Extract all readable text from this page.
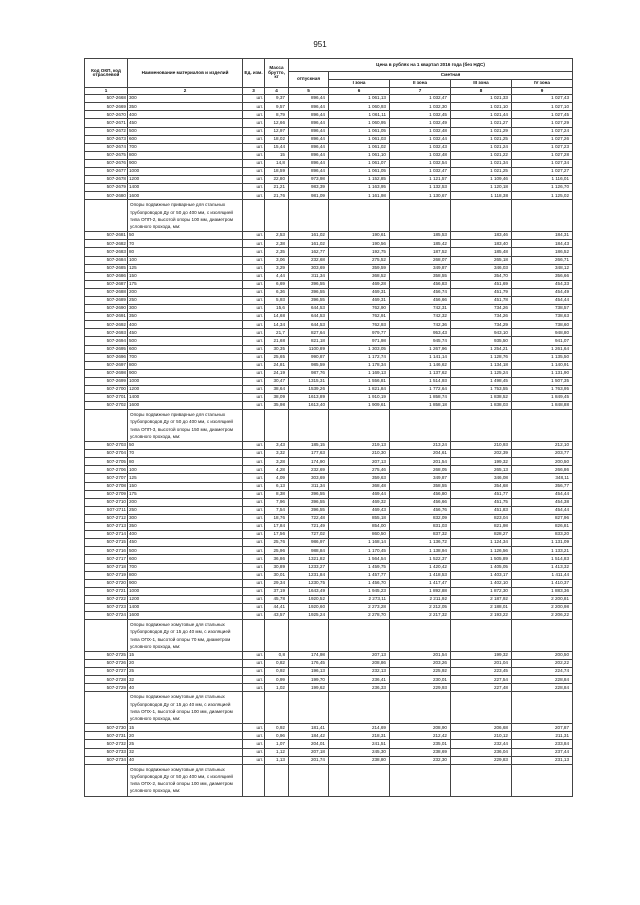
951
Код ОКП, код отраслевой	Наименование материалов и изделий	Ед. изм.	Масса брутто, кг	Цена в рублях на 1 квартал 2016 года (без НДС)				
				отпускная	Сметная			
					I зона	II зона	III зона	IV зона
1	2	3	4	5	6	7	8	9
507-2668	300	шт.	9,37	896,44	1 061,13	1 032,47	1 021,33	1 027,43
507-2669	350	шт.	9,57	896,44	1 060,93	1 032,30	1 021,10	1 027,10
507-2670	400	шт.	8,79	896,44	1 061,11	1 032,45	1 021,44	1 027,45
507-2671	450	шт.	12,66	896,44	1 060,95	1 032,49	1 021,27	1 027,29
507-2672	500	шт.	12,97	896,44	1 061,05	1 032,48	1 021,29	1 027,24
507-2673	600	шт.	18,02	896,44	1 061,03	1 032,44	1 021,25	1 027,26
507-2674	700	шт.	15,44	896,44	1 061,02	1 032,43	1 021,24	1 027,23
507-2675	800	шт.	15	896,44	1 061,10	1 032,48	1 021,22	1 027,28
507-2676	900	шт.	14,8	896,44	1 061,07	1 032,54	1 021,34	1 027,34
507-2677	1000	шт.	18,59	896,44	1 061,05	1 032,47	1 021,25	1 027,27
507-2678	1200	шт.	22,80	973,98	1 152,85	1 121,57	1 109,46	1 116,01
507-2679	1400	шт.	21,21	983,39	1 163,95	1 132,53	1 120,18	1 126,70
507-2680	1600	шт.	21,76	981,09	1 161,98	1 130,67	1 118,38	1 125,02
	Опоры подвижные приварные для стальных трубопроводов Ду от 50 до 400 мм, с изоляцией типа ОПП-2, высотой опоры 100 мм, диаметром условного прохода, мм:							
507-2681	50	шт.	2,53	161,02	190,61	185,53	183,46	184,31
507-2682	70	шт.	2,38	161,02	190,56	185,42	183,40	184,43
507-2683	80	шт.	2,35	162,77	192,75	187,52	185,48	186,52
507-2684	100	шт.	3,06	232,68	275,52	268,07	265,18	266,71
507-2685	125	шт.	3,29	303,69	359,59	349,87	346,03	348,12
507-2686	150	шт.	4,44	311,34	368,52	358,55	354,70	356,66
507-2687	175	шт.	6,69	396,55	469,28	456,83	451,69	454,33
507-2688	200	шт.	6,36	396,55	469,31	456,74	451,79	454,49
507-2689	250	шт.	5,93	396,55	469,31	456,66	451,78	454,44
507-2690	300	шт.	15,6	644,53	762,90	742,31	734,26	738,57
507-2691	350	шт.	14,68	644,53	762,91	742,32	734,26	738,63
507-2692	400	шт.	14,34	644,53	762,93	742,36	734,29	738,60
507-2693	450	шт.	21,7	827,64	979,77	953,43	943,10	948,80
507-2694	500	шт.	21,68	821,18	971,98	945,74	935,50	941,07
507-2695	600	шт.	30,35	1100,89	1 303,05	1 267,96	1 254,21	1 261,64
507-2696	700	шт.	25,65	990,87	1 172,74	1 141,14	1 128,76	1 135,50
507-2697	800	шт.	24,81	985,59	1 178,34	1 146,62	1 134,18	1 140,91
507-2698	900	шт.	24,19	987,76	1 169,13	1 137,62	1 125,24	1 131,90
507-2699	1000	шт.	30,47	1315,31	1 556,81	1 514,93	1 498,45	1 507,35
507-2700	1200	шт.	38,64	1539,26	1 821,84	1 772,64	1 753,55	1 763,95
507-2701	1400	шт.	38,09	1613,89	1 910,19	1 858,74	1 838,52	1 849,45
507-2702	1600	шт.	35,98	1613,40	1 909,61	1 858,18	1 838,03	1 848,88
	Опоры подвижные приварные для стальных трубопроводов Ду от 50 до 400 мм, с изоляцией типа ОПП-3, высотой опоры 150 мм, диаметром условного прохода, мм:							
507-2703	50	шт.	3,43	185,15	219,13	213,24	210,93	212,10
507-2704	70	шт.	3,32	177,63	210,30	204,61	202,39	203,77
507-2705	80	шт.	3,28	174,90	207,13	201,54	199,32	200,50
507-2706	100	шт.	4,28	232,69	275,46	268,05	265,13	266,86
507-2707	125	шт.	4,09	303,69	359,63	349,87	346,08	348,11
507-2708	150	шт.	6,13	311,34	368,48	358,55	354,68	356,77
507-2709	175	шт.	8,38	396,55	469,44	456,80	451,77	454,44
507-2710	200	шт.	7,96	396,55	469,32	456,66	451,75	454,38
507-2711	250	шт.	7,54	396,55	469,43	456,76	451,83	454,44
507-2712	300	шт.	18,76	722,48	855,18	832,09	823,04	827,96
507-2713	350	шт.	17,84	721,49	854,00	831,03	821,98	826,81
507-2714	400	шт.	17,56	727,02	860,50	837,32	828,27	833,20
507-2715	450	шт.	25,76	986,97	1 168,14	1 136,72	1 124,34	1 131,09
507-2716	500	шт.	25,96	988,84	1 170,45	1 138,94	1 126,56	1 133,21
507-2717	600	шт.	36,86	1321,82	1 564,54	1 522,37	1 505,89	1 514,83
507-2718	700	шт.	30,89	1233,27	1 459,75	1 420,42	1 405,05	1 413,32
507-2719	800	шт.	30,01	1231,84	1 457,77	1 418,53	1 403,17	1 411,44
507-2720	900	шт.	29,34	1230,75	1 456,70	1 417,47	1 402,10	1 410,37
507-2721	1000	шт.	37,19	1643,49	1 945,23	1 892,88	1 872,30	1 883,36
507-2722	1200	шт.	45,78	1920,52	2 273,11	2 211,92	2 187,92	2 200,81
507-2723	1400	шт.	44,41	1920,60	2 273,28	2 212,05	2 188,01	2 200,98
507-2724	1600	шт.	43,57	1925,24	2 278,70	2 217,32	2 193,22	2 206,22
	Опоры подвижные хомутовые для стальных трубопроводов Ду от 15 до 40 мм, с изоляцией типа ОПХ-1, высотой опоры 70 мм, диаметром условного прохода, мм:							
507-2725	15	шт.	0,8	174,98	207,13	201,54	199,32	200,50
507-2726	20	шт.	0,82	176,45	208,86	203,26	201,04	202,22
507-2727	25	шт.	0,92	196,13	232,13	225,92	223,45	224,74
507-2728	32	шт.	0,99	199,70	236,41	230,01	227,54	228,84
507-2729	40	шт.	1,02	199,62	236,33	229,93	227,48	228,84
	Опоры подвижные хомутовые для стальных трубопроводов Ду от 15 до 40 мм, с изоляцией типа ОПХ-1, высотой опоры 100 мм, диаметром условного прохода, мм:							
507-2730	15	шт.	0,92	181,41	214,69	208,90	206,68	207,87
507-2731	20	шт.	0,96	184,42	218,31	212,42	210,12	211,31
507-2732	25	шт.	1,07	204,01	241,51	235,01	232,44	233,84
507-2733	32	шт.	1,12	207,18	245,30	238,69	236,04	237,44
507-2734	40	шт.	1,13	201,74	238,80	232,30	229,83	231,13
	Опоры подвижные хомутовые для стальных трубопроводов Ду от 50 до 400 мм, с изоляцией типа ОПХ-2, высотой опоры 100 мм, диаметром условного прохода, мм:							
